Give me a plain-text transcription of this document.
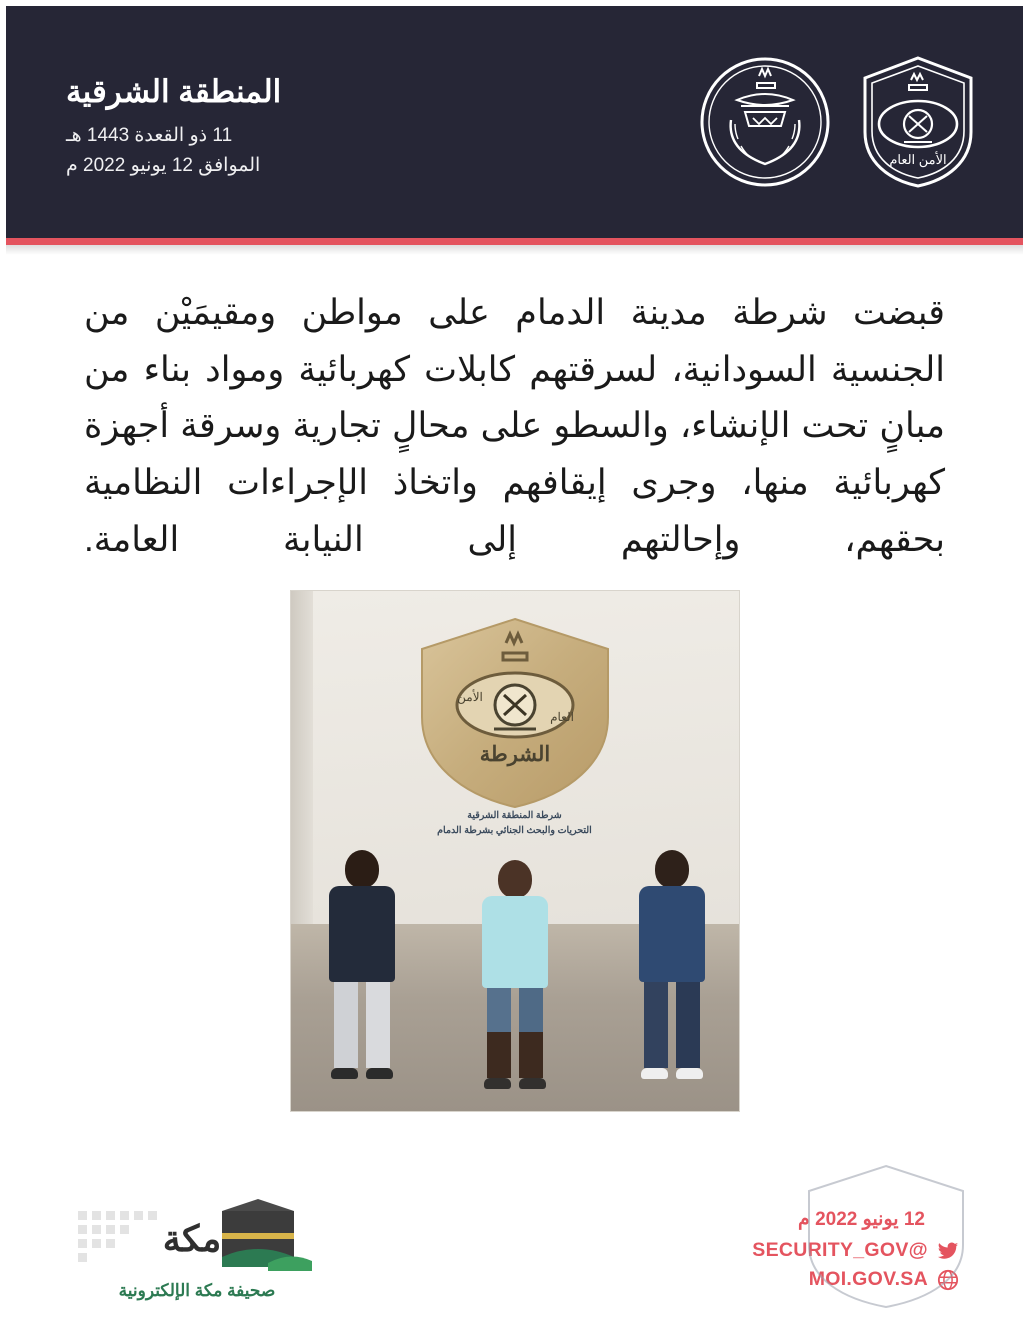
الأمن العام
المنطقة الشرقية
11 ذو القعدة 1443 هـ
الموافق 12 يونيو 2022 م
قبضت شرطة مدينة الدمام على مواطن ومقيمَيْن من الجنسية السودانية، لسرقتهم كابلات كهربائية ومواد بناء من مبانٍ تحت الإنشاء، والسطو على محالٍ تجارية وسرقة أجهزة كهربائية منها، وجرى إيقافهم واتخاذ الإجراءات النظامية بحقهم، وإحالتهم إلى النيابة العامة.
الشرطة
الأمن
العام
شرطة المنطقة الشرقية
التحريات والبحث الجنائي بشرطة الدمام
12 يونيو 2022 م
@SECURITY_GOV
MOI.GOV.SA
مكة
صحيفة مكة الإلكترونية
